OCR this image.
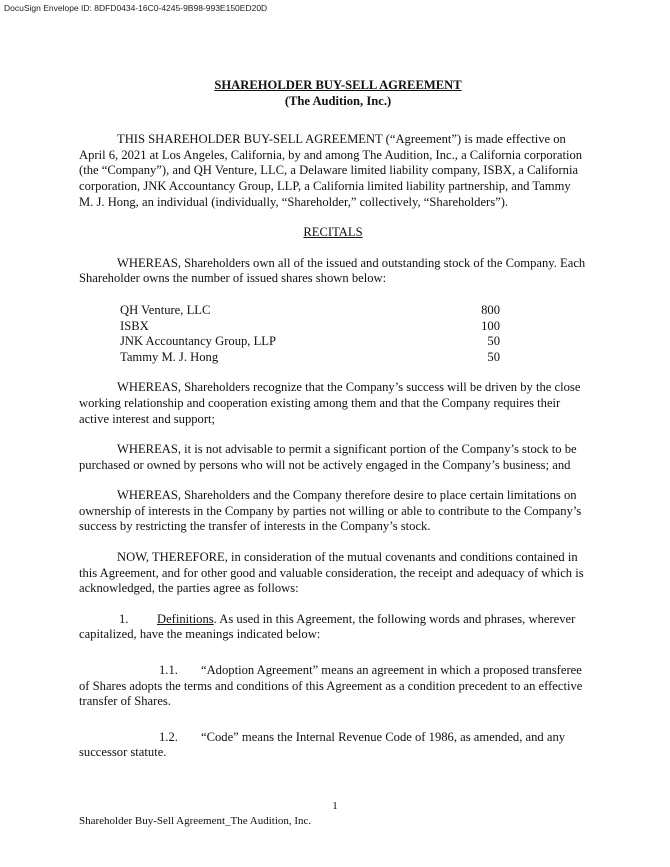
DocuSign Envelope ID: 8DFD0434-16C0-4245-9B98-993E150ED20D
SHAREHOLDER BUY-SELL AGREEMENT
(The Audition, Inc.)

THIS SHAREHOLDER BUY-SELL AGREEMENT (“Agreement”) is made effective on April 6, 2021 at Los Angeles, California, by and among The Audition, Inc., a California corporation (the “Company”), and QH Venture, LLC, a Delaware limited liability company, ISBX, a California corporation, JNK Accountancy Group, LLP, a California limited liability partnership, and Tammy M. J. Hong, an individual (individually, “Shareholder,” collectively, “Shareholders”).

RECITALS

WHEREAS, Shareholders own all of the issued and outstanding stock of the Company. Each Shareholder owns the number of issued shares shown below:

QH Venture, LLC	800
ISBX	100
JNK Accountancy Group, LLP	50
Tammy M. J. Hong	50

WHEREAS, Shareholders recognize that the Company’s success will be driven by the close working relationship and cooperation existing among them and that the Company requires their active interest and support;

WHEREAS, it is not advisable to permit a significant portion of the Company’s stock to be purchased or owned by persons who will not be actively engaged in the Company’s business; and

WHEREAS, Shareholders and the Company therefore desire to place certain limitations on ownership of interests in the Company by parties not willing or able to contribute to the Company’s success by restricting the transfer of interests in the Company’s stock.

NOW, THEREFORE, in consideration of the mutual covenants and conditions contained in this Agreement, and for other good and valuable consideration, the receipt and adequacy of which is acknowledged, the parties agree as follows:

1. Definitions. As used in this Agreement, the following words and phrases, wherever capitalized, have the meanings indicated below:

1.1. “Adoption Agreement” means an agreement in which a proposed transferee of Shares adopts the terms and conditions of this Agreement as a condition precedent to an effective transfer of Shares.

1.2. “Code” means the Internal Revenue Code of 1986, as amended, and any successor statute.

1
Shareholder Buy-Sell Agreement_The Audition, Inc.
